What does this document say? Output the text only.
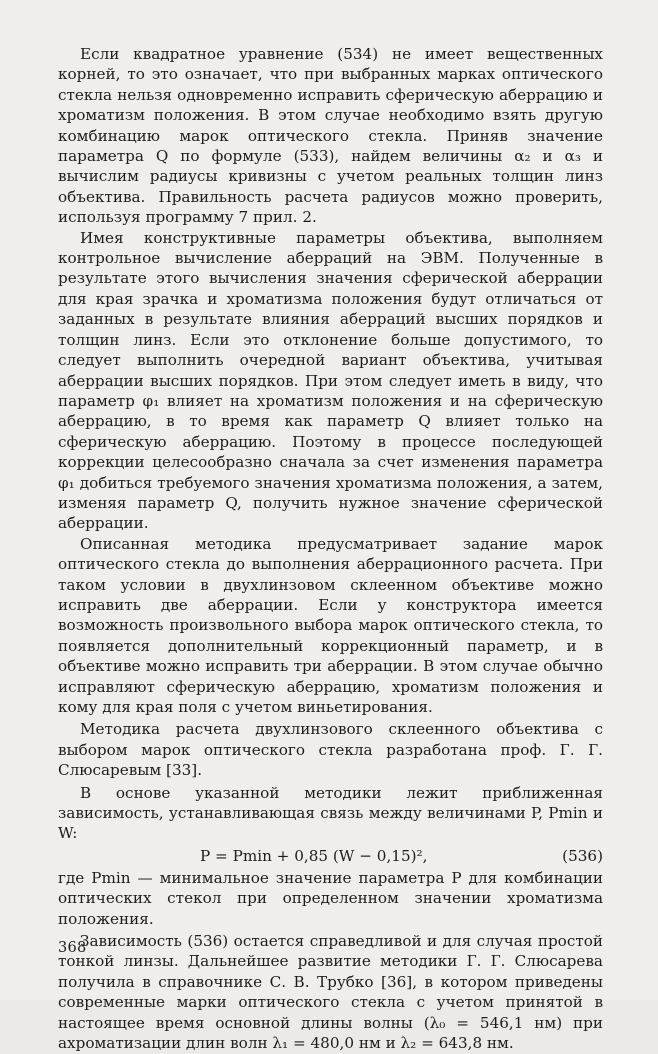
Если квадратное уравнение (534) не имеет вещественных корней, то это означает, что при выбранных марках оптического стекла нельзя одновременно исправить сферическую аберрацию и хроматизм положения. В этом случае необходимо взять другую комбинацию марок оптического стекла. Приняв значение параметра Q по формуле (533), найдем величины α₂ и α₃ и вычислим радиусы кривизны с учетом реальных толщин линз объектива. Правильность расчета радиусов можно проверить, используя программу 7 прил. 2.

Имея конструктивные параметры объектива, выполняем контрольное вычисление аберраций на ЭВМ. Полученные в результате этого вычисления значения сферической аберрации для края зрачка и хроматизма положения будут отличаться от заданных в результате влияния аберраций высших порядков и толщин линз. Если это отклонение больше допустимого, то следует выполнить очередной вариант объектива, учитывая аберрации высших порядков. При этом следует иметь в виду, что параметр φ₁ влияет на хроматизм положения и на сферическую аберрацию, в то время как параметр Q влияет только на сферическую аберрацию. Поэтому в процессе последующей коррекции целесообразно сначала за счет изменения параметра φ₁ добиться требуемого значения хроматизма положения, а затем, изменяя параметр Q, получить нужное значение сферической аберрации.

Описанная методика предусматривает задание марок оптического стекла до выполнения аберрационного расчета. При таком условии в двухлинзовом склеенном объективе можно исправить две аберрации. Если у конструктора имеется возможность произвольного выбора марок оптического стекла, то появляется дополнительный коррекционный параметр, и в объективе можно исправить три аберрации. В этом случае обычно исправляют сферическую аберрацию, хроматизм положения и кому для края поля с учетом виньетирования.

Методика расчета двухлинзового склеенного объектива с выбором марок оптического стекла разработана проф. Г. Г. Слюсаревым [33].

В основе указанной методики лежит приближенная зависимость, устанавливающая связь между величинами P, Pmin и W:

P = Pmin + 0,85 (W − 0,15)²,	(536)

где Pmin — минимальное значение параметра P для комбинации оптических стекол при определенном значении хроматизма положения.

Зависимость (536) остается справедливой и для случая простой тонкой линзы. Дальнейшее развитие методики Г. Г. Слюсарева получила в справочнике С. В. Трубко [36], в котором приведены современные марки оптического стекла с учетом принятой в настоящее время основной длины волны (λ₀ = 546,1 нм) при ахроматизации длин волн λ₁ = 480,0 нм и λ₂ = 643,8 нм.

368
